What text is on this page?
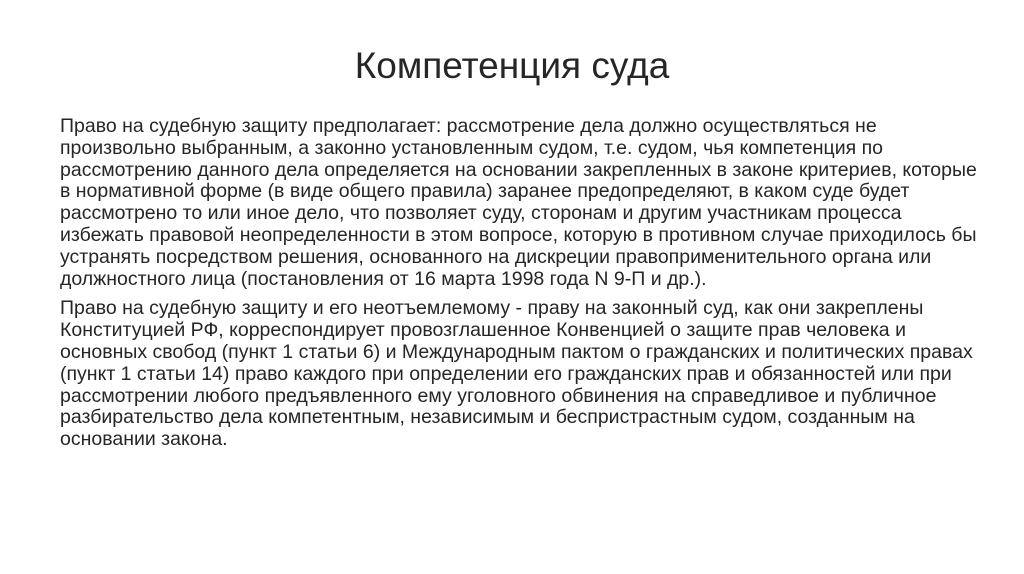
Компетенция суда

Право на судебную защиту предполагает: рассмотрение дела должно осуществляться не произвольно выбранным, а законно установленным судом, т.е. судом, чья компетенция по рассмотрению данного дела определяется на основании закрепленных в законе критериев, которые в нормативной форме (в виде общего правила) заранее предопределяют, в каком суде будет рассмотрено то или иное дело, что позволяет суду, сторонам и другим участникам процесса избежать правовой неопределенности в этом вопросе, которую в противном случае приходилось бы устранять посредством решения, основанного на дискреции правоприменительного органа или должностного лица (постановления от 16 марта 1998 года N 9-П и др.).

Право на судебную защиту и его неотъемлемому - праву на законный суд, как они закреплены Конституцией РФ, корреспондирует провозглашенное Конвенцией о защите прав человека и основных свобод (пункт 1 статьи 6) и Международным пактом о гражданских и политических правах (пункт 1 статьи 14) право каждого при определении его гражданских прав и обязанностей или при рассмотрении любого предъявленного ему уголовного обвинения на справедливое и публичное разбирательство дела компетентным, независимым и беспристрастным судом, созданным на основании закона.
